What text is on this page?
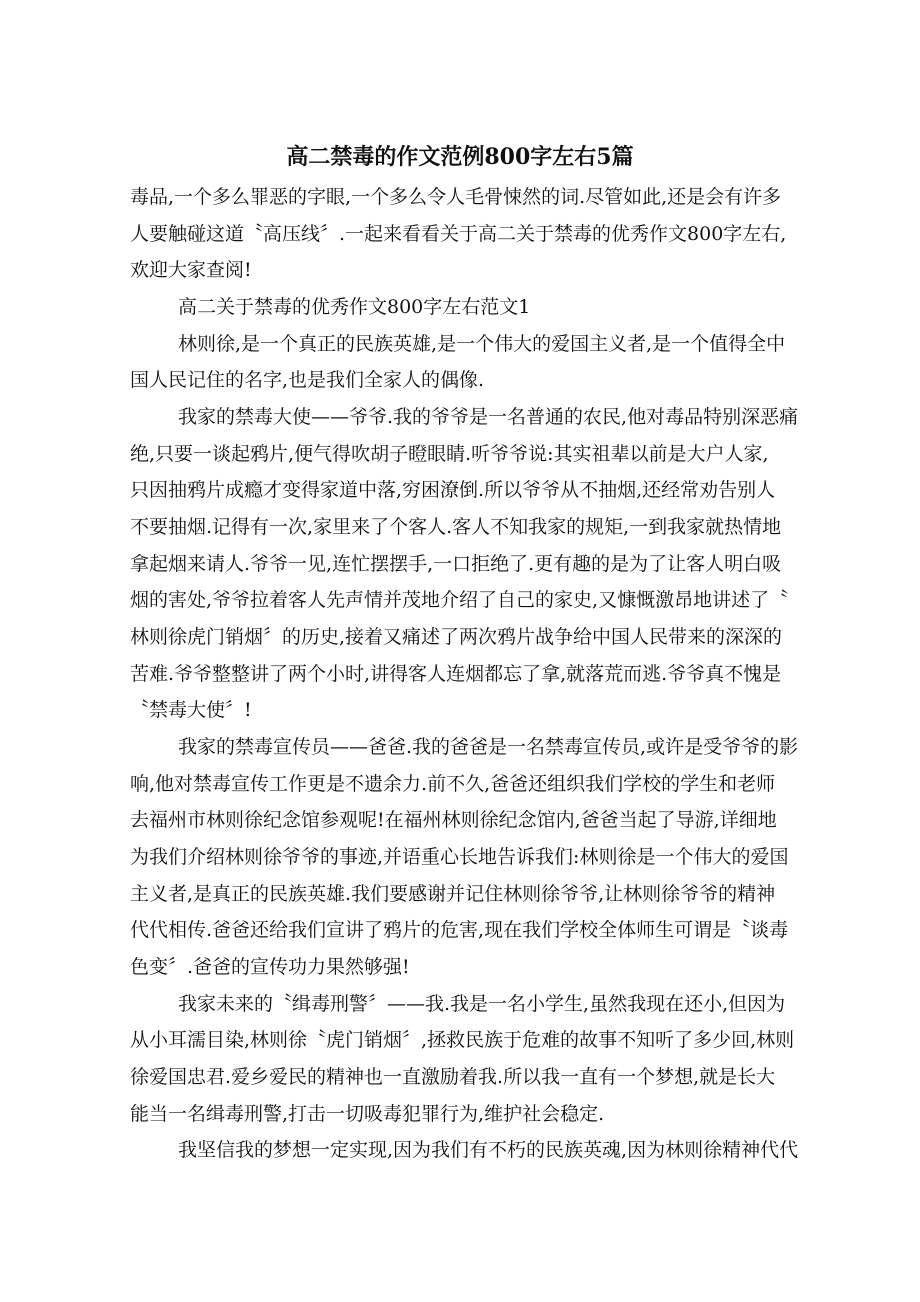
高二禁毒的作文范例800字左右5篇
毒品,一个多么罪恶的字眼,一个多么令人毛骨悚然的词.尽管如此,还是会有许多
人要触碰这道〝高压线〞.一起来看看关于高二关于禁毒的优秀作文800字左右,
欢迎大家查阅!
高二关于禁毒的优秀作文800字左右范文1
林则徐,是一个真正的民族英雄,是一个伟大的爱国主义者,是一个值得全中
国人民记住的名字,也是我们全家人的偶像.
我家的禁毒大使——爷爷.我的爷爷是一名普通的农民,他对毒品特别深恶痛
绝,只要一谈起鸦片,便气得吹胡子瞪眼睛.听爷爷说:其实祖辈以前是大户人家,
只因抽鸦片成瘾才变得家道中落,穷困潦倒.所以爷爷从不抽烟,还经常劝告别人
不要抽烟.记得有一次,家里来了个客人.客人不知我家的规矩,一到我家就热情地
拿起烟来请人.爷爷一见,连忙摆摆手,一口拒绝了.更有趣的是为了让客人明白吸
烟的害处,爷爷拉着客人先声情并茂地介绍了自己的家史,又慷慨激昂地讲述了〝
林则徐虎门销烟〞的历史,接着又痛述了两次鸦片战争给中国人民带来的深深的
苦难.爷爷整整讲了两个小时,讲得客人连烟都忘了拿,就落荒而逃.爷爷真不愧是
〝禁毒大使〞!
我家的禁毒宣传员——爸爸.我的爸爸是一名禁毒宣传员,或许是受爷爷的影
响,他对禁毒宣传工作更是不遗余力.前不久,爸爸还组织我们学校的学生和老师
去福州市林则徐纪念馆参观呢!在福州林则徐纪念馆内,爸爸当起了导游,详细地
为我们介绍林则徐爷爷的事迹,并语重心长地告诉我们:林则徐是一个伟大的爱国
主义者,是真正的民族英雄.我们要感谢并记住林则徐爷爷,让林则徐爷爷的精神
代代相传.爸爸还给我们宣讲了鸦片的危害,现在我们学校全体师生可谓是〝谈毒
色变〞.爸爸的宣传功力果然够强!
我家未来的〝缉毒刑警〞——我.我是一名小学生,虽然我现在还小,但因为
从小耳濡目染,林则徐〝虎门销烟〞,拯救民族于危难的故事不知听了多少回,林则
徐爱国忠君.爱乡爱民的精神也一直激励着我.所以我一直有一个梦想,就是长大
能当一名缉毒刑警,打击一切吸毒犯罪行为,维护社会稳定.
我坚信我的梦想一定实现,因为我们有不朽的民族英魂,因为林则徐精神代代
